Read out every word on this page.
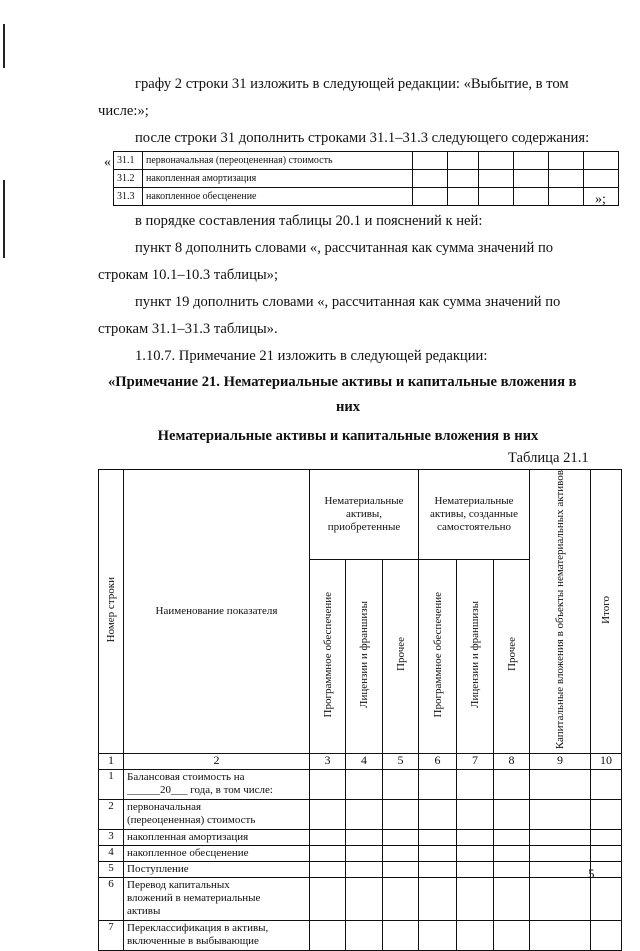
графу 2 строки 31 изложить в следующей редакции: «Выбытие, в том
числе:»;
после строки 31 дополнить строками 31.1–31.3 следующего содержания:
« 31.1	первоначальная (переоцененная) стоимость						
31.2	накопленная амортизация						
31.3	накопленное обесценение							»;
в порядке составления таблицы 20.1 и пояснений к ней:
пункт 8 дополнить словами «, рассчитанная как сумма значений по
строкам 10.1–10.3 таблицы»;
пункт 19 дополнить словами «, рассчитанная как сумма значений по
строкам 31.1–31.3 таблицы».
1.10.7. Примечание 21 изложить в следующей редакции:
«Примечание 21. Нематериальные активы и капитальные вложения в
них
Нематериальные активы и капитальные вложения в них
Таблица 21.1
Номер строки	Наименование показателя	Нематериальные активы, приобретенные			Нематериальные активы, созданные самостоятельно			Капитальные вложения в объекты нематериальных активов	Итого
		Программное обеспечение	Лицензии и франшизы	Прочее	Программное обеспечение	Лицензии и франшизы	Прочее		
1	2	3	4	5	6	7	8	9	10
1	Балансовая стоимость на
______20___ года, в том числе:								
2	первоначальная
(переоцененная) стоимость								
3	накопленная амортизация								
4	накопленное обесценение								
5	Поступление								
6	Перевод капитальных
вложений в нематериальные
активы								
7	Переклассификация в активы,
включенные в выбывающие								
5
